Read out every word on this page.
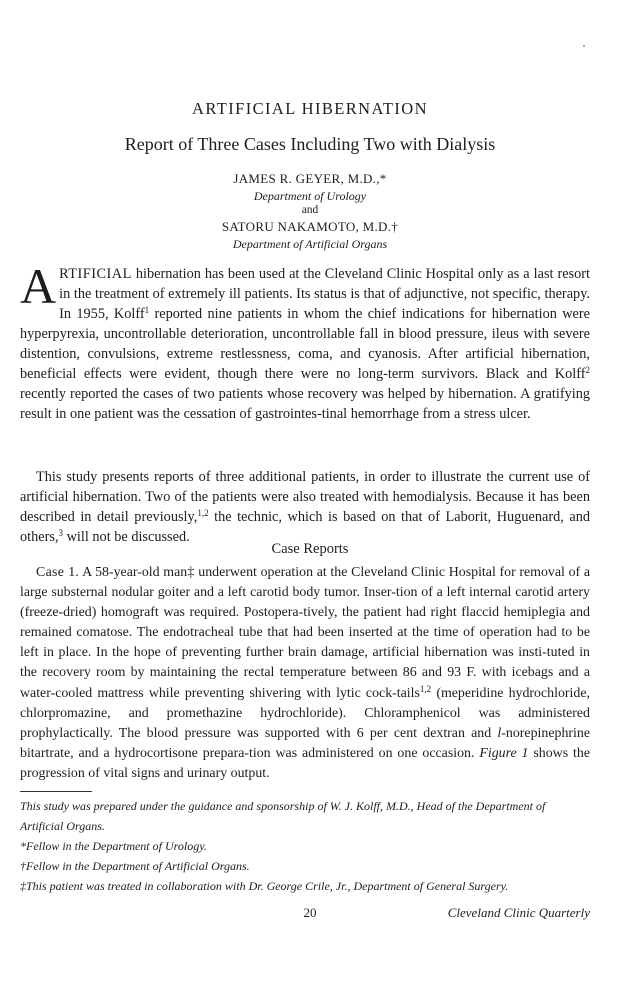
ARTIFICIAL HIBERNATION
Report of Three Cases Including Two with Dialysis

JAMES R. GEYER, M.D.,*

Department of Urology

and

SATORU NAKAMOTO, M.D.†

Department of Artificial Organs

ARTIFICIAL hibernation has been used at the Cleveland Clinic Hospital only as a last resort in the treatment of extremely ill patients. Its status is that of adjunctive, not specific, therapy. In 1955, Kolff$^1$ reported nine patients in whom the chief indications for hibernation were hyperpyrexia, uncontrollable deterioration, uncontrollable fall in blood pressure, ileus with severe distention, convulsions, extreme restlessness, coma, and cyanosis. After artificial hibernation, beneficial effects were evident, though there were no long-term survivors. Black and Kolff$^2$ recently reported the cases of two patients whose recovery was helped by hibernation. A gratifying result in one patient was the cessation of gastrointes-tinal hemorrhage from a stress ulcer.

This study presents reports of three additional patients, in order to illustrate the current use of artificial hibernation. Two of the patients were also treated with hemodialysis. Because it has been described in detail previously,$^{1,2}$ the technic, which is based on that of Laborit, Huguenard, and others,$^3$ will not be discussed.

Case Reports

Case 1. A 58-year-old man‡ underwent operation at the Cleveland Clinic Hospital for removal of a large substernal nodular goiter and a left carotid body tumor. Inser-tion of a left internal carotid artery (freeze-dried) homograft was required. Postopera-tively, the patient had right flaccid hemiplegia and remained comatose. The endotracheal tube that had been inserted at the time of operation had to be left in place. In the hope of preventing further brain damage, artificial hibernation was insti-tuted in the recovery room by maintaining the rectal temperature between 86 and 93 F. with icebags and a water-cooled mattress while preventing shivering with lytic cock-tails$^{1,2}$ (meperidine hydrochloride, chlorpromazine, and promethazine hydrochloride). Chloramphenicol was administered prophylactically. The blood pressure was supported with 6 per cent dextran and l-norepinephrine bitartrate, and a hydrocortisone prepara-tion was administered on one occasion. Figure 1 shows the progression of vital signs and urinary output.

This study was prepared under the guidance and sponsorship of W. J. Kolff, M.D., Head of the Department of Artificial Organs.

*Fellow in the Department of Urology.

†Fellow in the Department of Artificial Organs.

‡This patient was treated in collaboration with Dr. George Crile, Jr., Department of General Surgery.

20	Cleveland Clinic Quarterly
